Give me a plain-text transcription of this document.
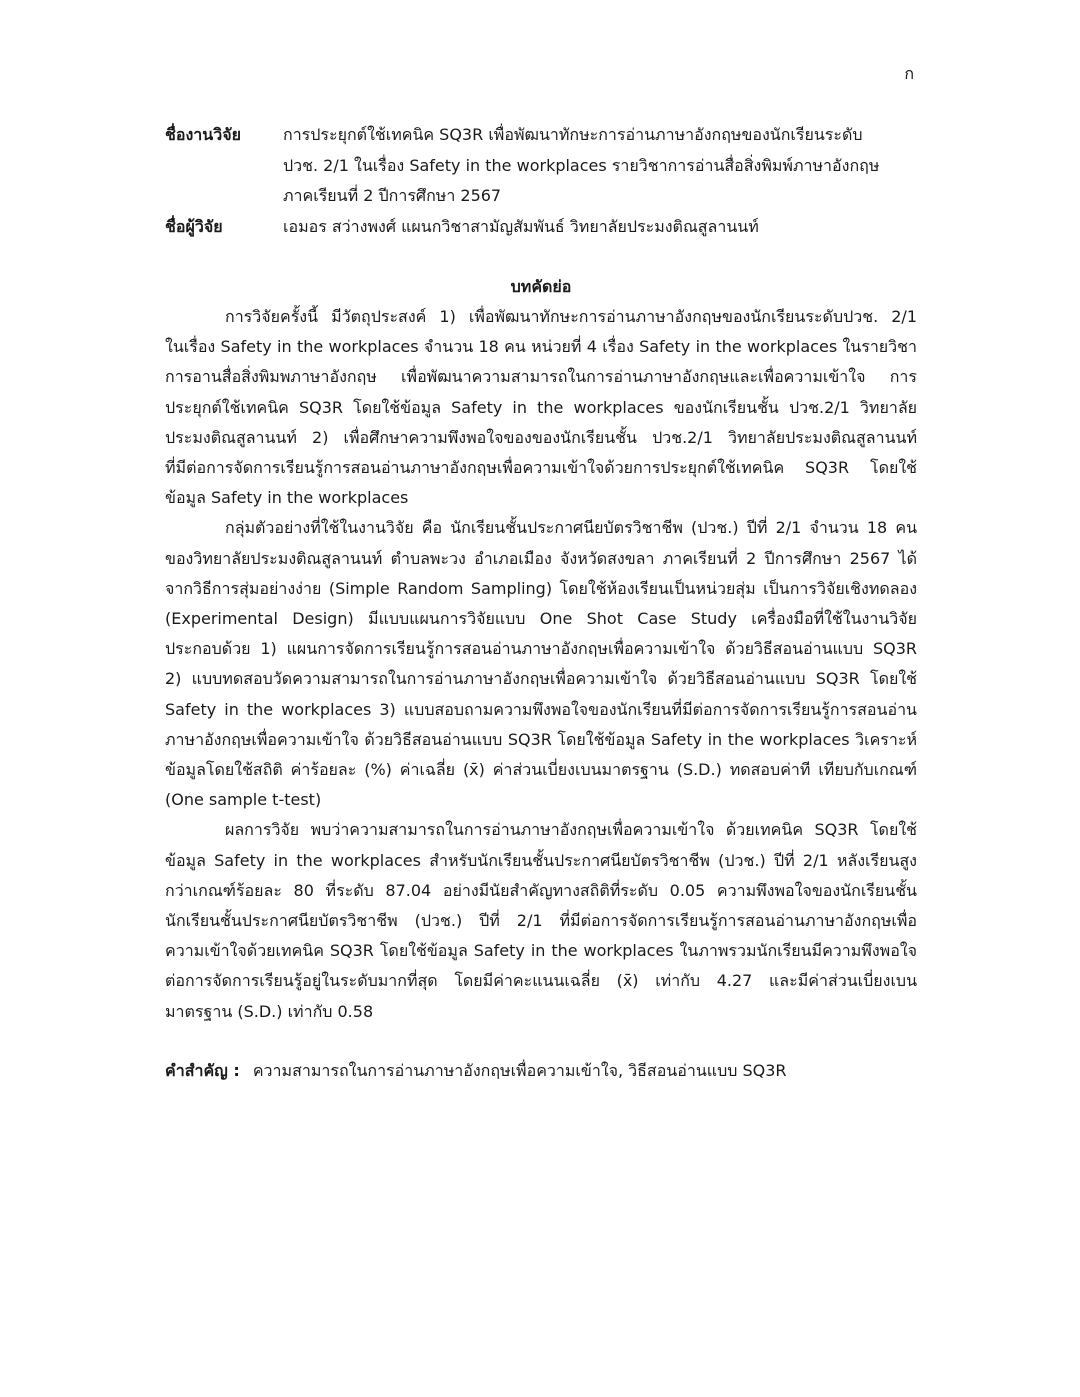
ก
ชื่องานวิจัย	การประยุกต์ใช้เทคนิค SQ3R เพื่อพัฒนาทักษะการอ่านภาษาอังกฤษของนักเรียนระดับ
ปวช. 2/1 ในเรื่อง Safety in the workplaces รายวิชาการอ่านสื่อสิ่งพิมพ์ภาษาอังกฤษ
ภาคเรียนที่ 2 ปีการศึกษา 2567
ชื่อผู้วิจัย	เอมอร สว่างพงศ์ แผนกวิชาสามัญสัมพันธ์ วิทยาลัยประมงติณสูลานนท์
บทคัดย่อ
การวิจัยครั้งนี้ มีวัตถุประสงค์ 1) เพื่อพัฒนาทักษะการอ่านภาษาอังกฤษของนักเรียนระดับปวช. 2/1
ในเรื่อง Safety in the workplaces จำนวน 18 คน หน่วยที่ 4 เรื่อง Safety in the workplaces ในรายวิชา
การอานสื่อสิ่งพิมพภาษาอังกฤษ เพื่อพัฒนาความสามารถในการอ่านภาษาอังกฤษและเพื่อความเข้าใจ การ
ประยุกต์ใช้เทคนิค SQ3R โดยใช้ข้อมูล Safety in the workplaces ของนักเรียนชั้น ปวช.2/1 วิทยาลัย
ประมงติณสูลานนท์ 2) เพื่อศึกษาความพึงพอใจของของนักเรียนชั้น ปวช.2/1 วิทยาลัยประมงติณสูลานนท์
ที่มีต่อการจัดการเรียนรู้การสอนอ่านภาษาอังกฤษเพื่อความเข้าใจด้วยการประยุกต์ใช้เทคนิค SQ3R โดยใช้
ข้อมูล Safety in the workplaces
กลุ่มตัวอย่างที่ใช้ในงานวิจัย คือ นักเรียนชั้นประกาศนียบัตรวิชาชีพ (ปวช.) ปีที่ 2/1 จำนวน 18 คน
ของวิทยาลัยประมงติณสูลานนท์ ตำบลพะวง อำเภอเมือง จังหวัดสงขลา ภาคเรียนที่ 2 ปีการศึกษา 2567 ได้
จากวิธีการสุ่มอย่างง่าย (Simple Random Sampling) โดยใช้ห้องเรียนเป็นหน่วยสุ่ม เป็นการวิจัยเชิงทดลอง
(Experimental Design) มีแบบแผนการวิจัยแบบ One Shot Case Study เครื่องมือที่ใช้ในงานวิจัย
ประกอบด้วย 1) แผนการจัดการเรียนรู้การสอนอ่านภาษาอังกฤษเพื่อความเข้าใจ ด้วยวิธีสอนอ่านแบบ SQ3R
2) แบบทดสอบวัดความสามารถในการอ่านภาษาอังกฤษเพื่อความเข้าใจ ด้วยวิธีสอนอ่านแบบ SQ3R โดยใช้
Safety in the workplaces 3) แบบสอบถามความพึงพอใจของนักเรียนที่มีต่อการจัดการเรียนรู้การสอนอ่าน
ภาษาอังกฤษเพื่อความเข้าใจ ด้วยวิธีสอนอ่านแบบ SQ3R โดยใช้ข้อมูล Safety in the workplaces วิเคราะห์
ข้อมูลโดยใช้สถิติ ค่าร้อยละ (%) ค่าเฉลี่ย (x̄) ค่าส่วนเบี่ยงเบนมาตรฐาน (S.D.) ทดสอบค่าที เทียบกับเกณฑ์
(One sample t-test)
ผลการวิจัย พบว่าความสามารถในการอ่านภาษาอังกฤษเพื่อความเข้าใจ ด้วยเทคนิค SQ3R โดยใช้
ข้อมูล Safety in the workplaces สำหรับนักเรียนชั้นประกาศนียบัตรวิชาชีพ (ปวช.) ปีที่ 2/1 หลังเรียนสูง
กว่าเกณฑ์ร้อยละ 80 ที่ระดับ 87.04 อย่างมีนัยสำคัญทางสถิติที่ระดับ 0.05 ความพึงพอใจของนักเรียนชั้น
นักเรียนชั้นประกาศนียบัตรวิชาชีพ (ปวช.) ปีที่ 2/1 ที่มีต่อการจัดการเรียนรู้การสอนอ่านภาษาอังกฤษเพื่อ
ความเข้าใจด้วยเทคนิค SQ3R โดยใช้ข้อมูล Safety in the workplaces ในภาพรวมนักเรียนมีความพึงพอใจ
ต่อการจัดการเรียนรู้อยู่ในระดับมากที่สุด โดยมีค่าคะแนนเฉลี่ย (x̄) เท่ากับ 4.27 และมีค่าส่วนเบี่ยงเบน
มาตรฐาน (S.D.) เท่ากับ 0.58
คำสำคัญ : ความสามารถในการอ่านภาษาอังกฤษเพื่อความเข้าใจ, วิธีสอนอ่านแบบ SQ3R
